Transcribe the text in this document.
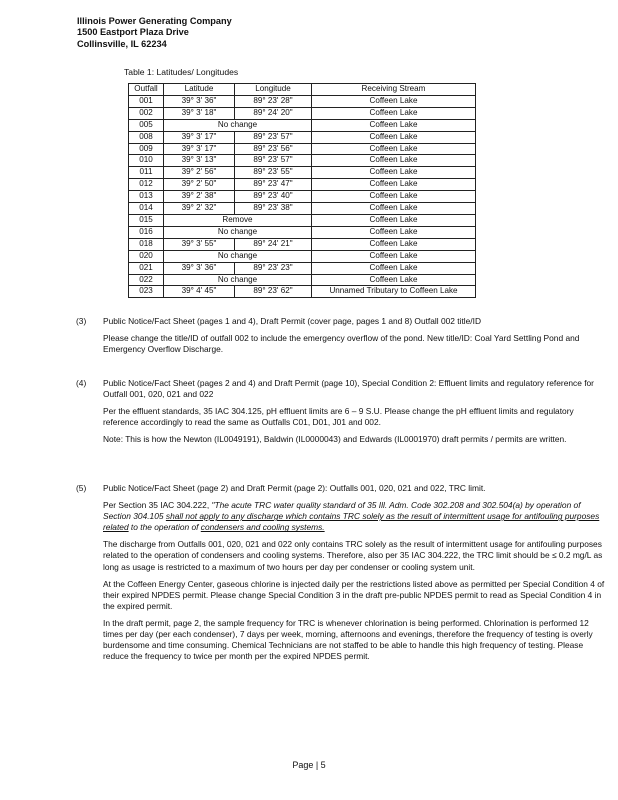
Illinois Power Generating Company
1500 Eastport Plaza Drive
Collinsville, IL 62234
Table 1: Latitudes/ Longitudes
Outfall	Latitude	Longitude	Receiving Stream
001	39° 3' 36"	89° 23' 28"	Coffeen Lake
002	39° 3' 18"	89° 24' 20"	Coffeen Lake
005	No change		Coffeen Lake
008	39° 3' 17"	89° 23' 57"	Coffeen Lake
009	39° 3' 17"	89° 23' 56"	Coffeen Lake
010	39° 3' 13"	89° 23' 57"	Coffeen Lake
011	39° 2' 56"	89° 23' 55"	Coffeen Lake
012	39° 2' 50"	89° 23' 47"	Coffeen Lake
013	39° 2' 38"	89° 23' 40"	Coffeen Lake
014	39° 2' 32"	89° 23' 38"	Coffeen Lake
015	Remove		Coffeen Lake
016	No change		Coffeen Lake
018	39° 3' 55"	89° 24' 21"	Coffeen Lake
020	No change		Coffeen Lake
021	39° 3' 36"	89° 23' 23"	Coffeen Lake
022	No change		Coffeen Lake
023	39° 4' 45"	89° 23' 62"	Unnamed Tributary to Coffeen Lake
(3)	Public Notice/Fact Sheet (pages 1 and 4), Draft Permit (cover page, pages 1 and 8) Outfall 002 title/ID

Please change the title/ID of outfall 002 to include the emergency overflow of the pond. New title/ID: Coal Yard Settling Pond and Emergency Overflow Discharge.

(4)	Public Notice/Fact Sheet (pages 2 and 4) and Draft Permit (page 10), Special Condition 2: Effluent limits and regulatory reference for Outfall 001, 020, 021 and 022

Per the effluent standards, 35 IAC 304.125, pH effluent limits are 6 – 9 S.U. Please change the pH effluent limits and regulatory reference accordingly to read the same as Outfalls C01, D01, J01 and 002.

Note: This is how the Newton (IL0049191), Baldwin (IL0000043) and Edwards (IL0001970) draft permits / permits are written.

(5)	Public Notice/Fact Sheet (page 2) and Draft Permit (page 2): Outfalls 001, 020, 021 and 022, TRC limit.

Per Section 35 IAC 304.222, "The acute TRC water quality standard of 35 Ill. Adm. Code 302.208 and 302.504(a) by operation of Section 304.105 shall not apply to any discharge which contains TRC solely as the result of intermittent usage for antifouling purposes related to the operation of condensers and cooling systems.

The discharge from Outfalls 001, 020, 021 and 022 only contains TRC solely as the result of intermittent usage for antifouling purposes related to the operation of condensers and cooling systems. Therefore, also per 35 IAC 304.222, the TRC limit should be ≤ 0.2 mg/L as long as usage is restricted to a maximum of two hours per day per condenser or cooling system unit.

At the Coffeen Energy Center, gaseous chlorine is injected daily per the restrictions listed above as permitted per Special Condition 4 of their expired NPDES permit. Please change Special Condition 3 in the draft pre-public NPDES permit to read as Special Condition 4 in the expired permit.

In the draft permit, page 2, the sample frequency for TRC is whenever chlorination is being performed. Chlorination is performed 12 times per day (per each condenser), 7 days per week, morning, afternoons and evenings, therefore the frequency of testing is overly burdensome and time consuming. Chemical Technicians are not staffed to be able to handle this high frequency of testing. Please reduce the frequency to twice per month per the expired NPDES permit.

Page | 5
